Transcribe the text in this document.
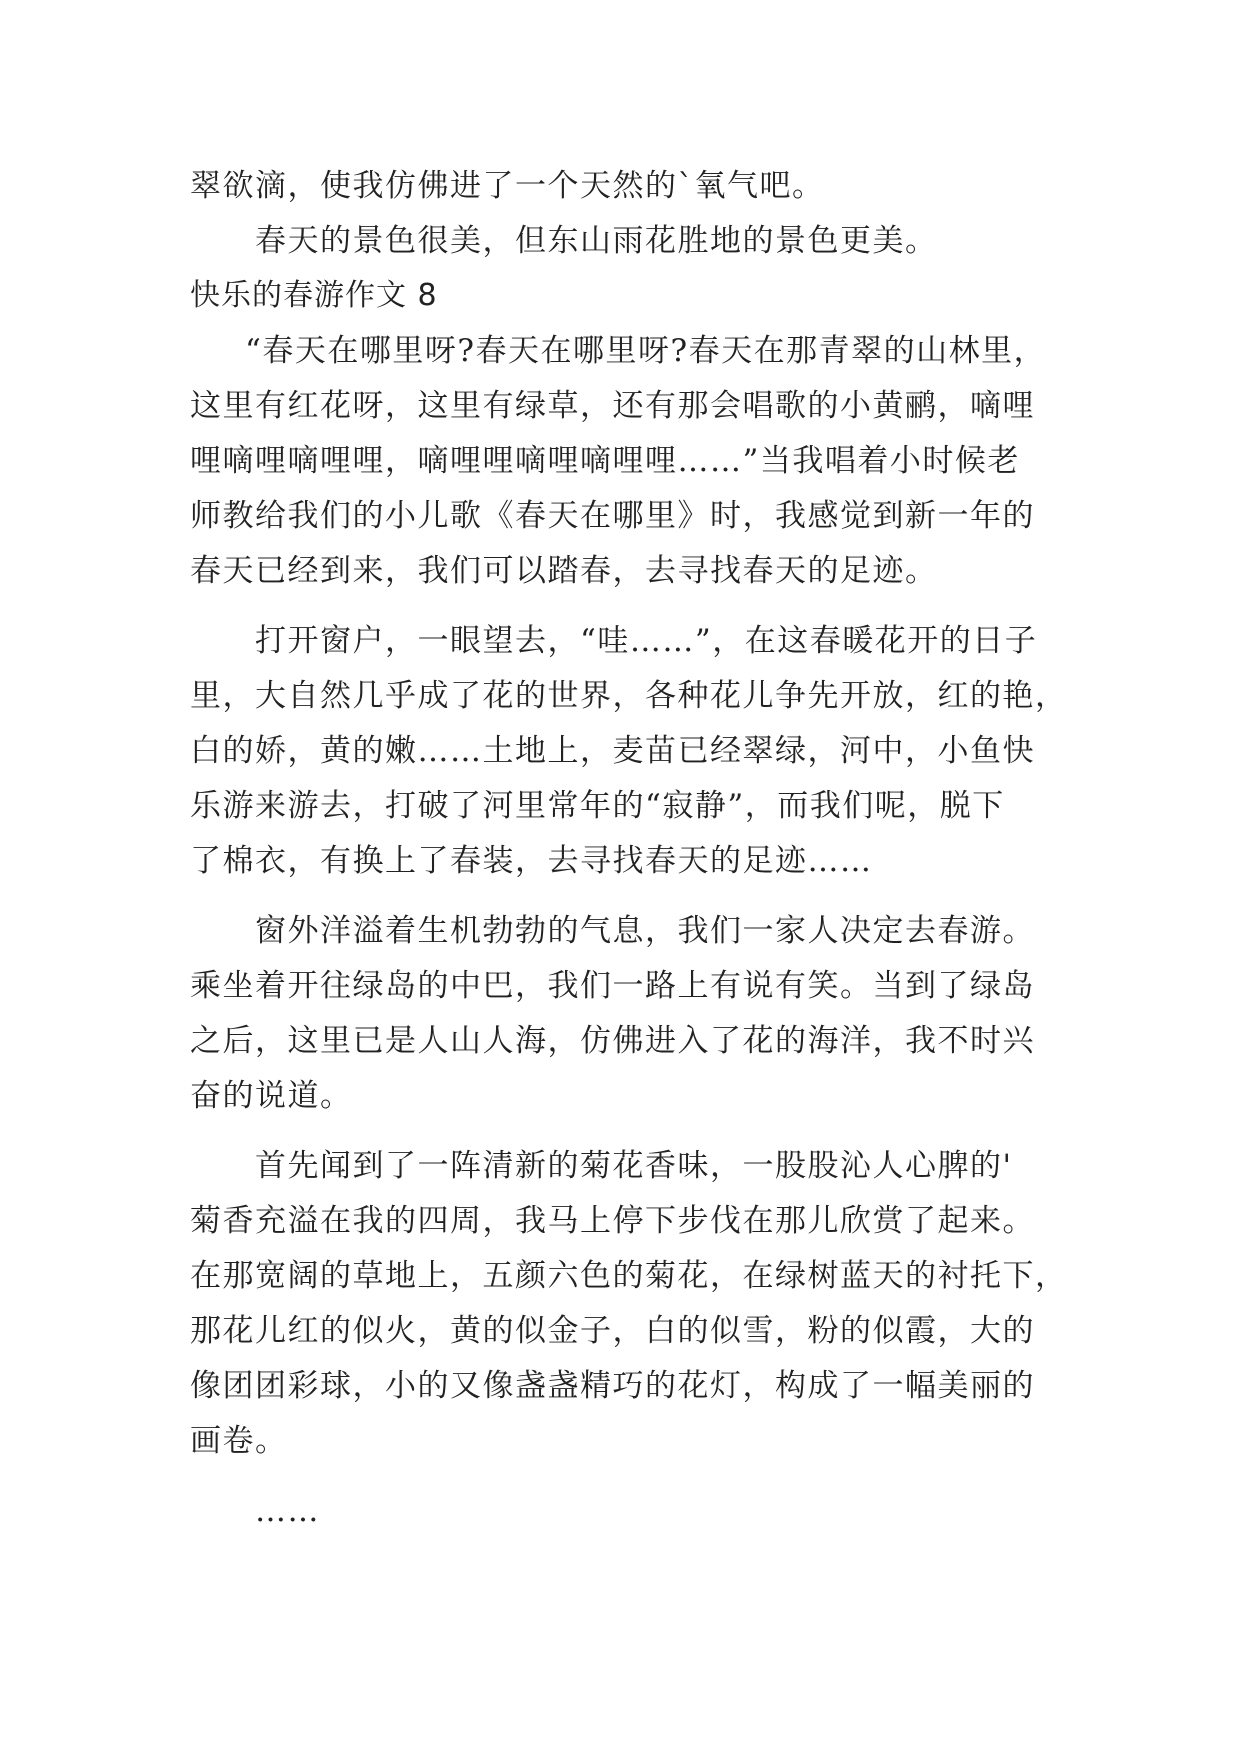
翠欲滴，使我仿佛进了一个天然的`氧气吧。
春天的景色很美，但东山雨花胜地的景色更美。
快乐的春游作文 8
“春天在哪里呀?春天在哪里呀?春天在那青翠的山林里，
这里有红花呀，这里有绿草，还有那会唱歌的小黄鹂，嘀哩
哩嘀哩嘀哩哩，嘀哩哩嘀哩嘀哩哩……”当我唱着小时候老
师教给我们的小儿歌《春天在哪里》时，我感觉到新一年的
春天已经到来，我们可以踏春，去寻找春天的足迹。
打开窗户，一眼望去，“哇……”，在这春暖花开的日子
里，大自然几乎成了花的世界，各种花儿争先开放，红的艳，
白的娇，黄的嫩……土地上，麦苗已经翠绿，河中，小鱼快
乐游来游去，打破了河里常年的“寂静”，而我们呢，脱下
了棉衣，有换上了春装，去寻找春天的足迹……
窗外洋溢着生机勃勃的气息，我们一家人决定去春游。
乘坐着开往绿岛的中巴，我们一路上有说有笑。当到了绿岛
之后，这里已是人山人海，仿佛进入了花的海洋，我不时兴
奋的说道。
首先闻到了一阵清新的菊花香味，一股股沁人心脾的'
菊香充溢在我的四周，我马上停下步伐在那儿欣赏了起来。
在那宽阔的草地上，五颜六色的菊花，在绿树蓝天的衬托下，
那花儿红的似火，黄的似金子，白的似雪，粉的似霞，大的
像团团彩球，小的又像盏盏精巧的花灯，构成了一幅美丽的
画卷。
……
